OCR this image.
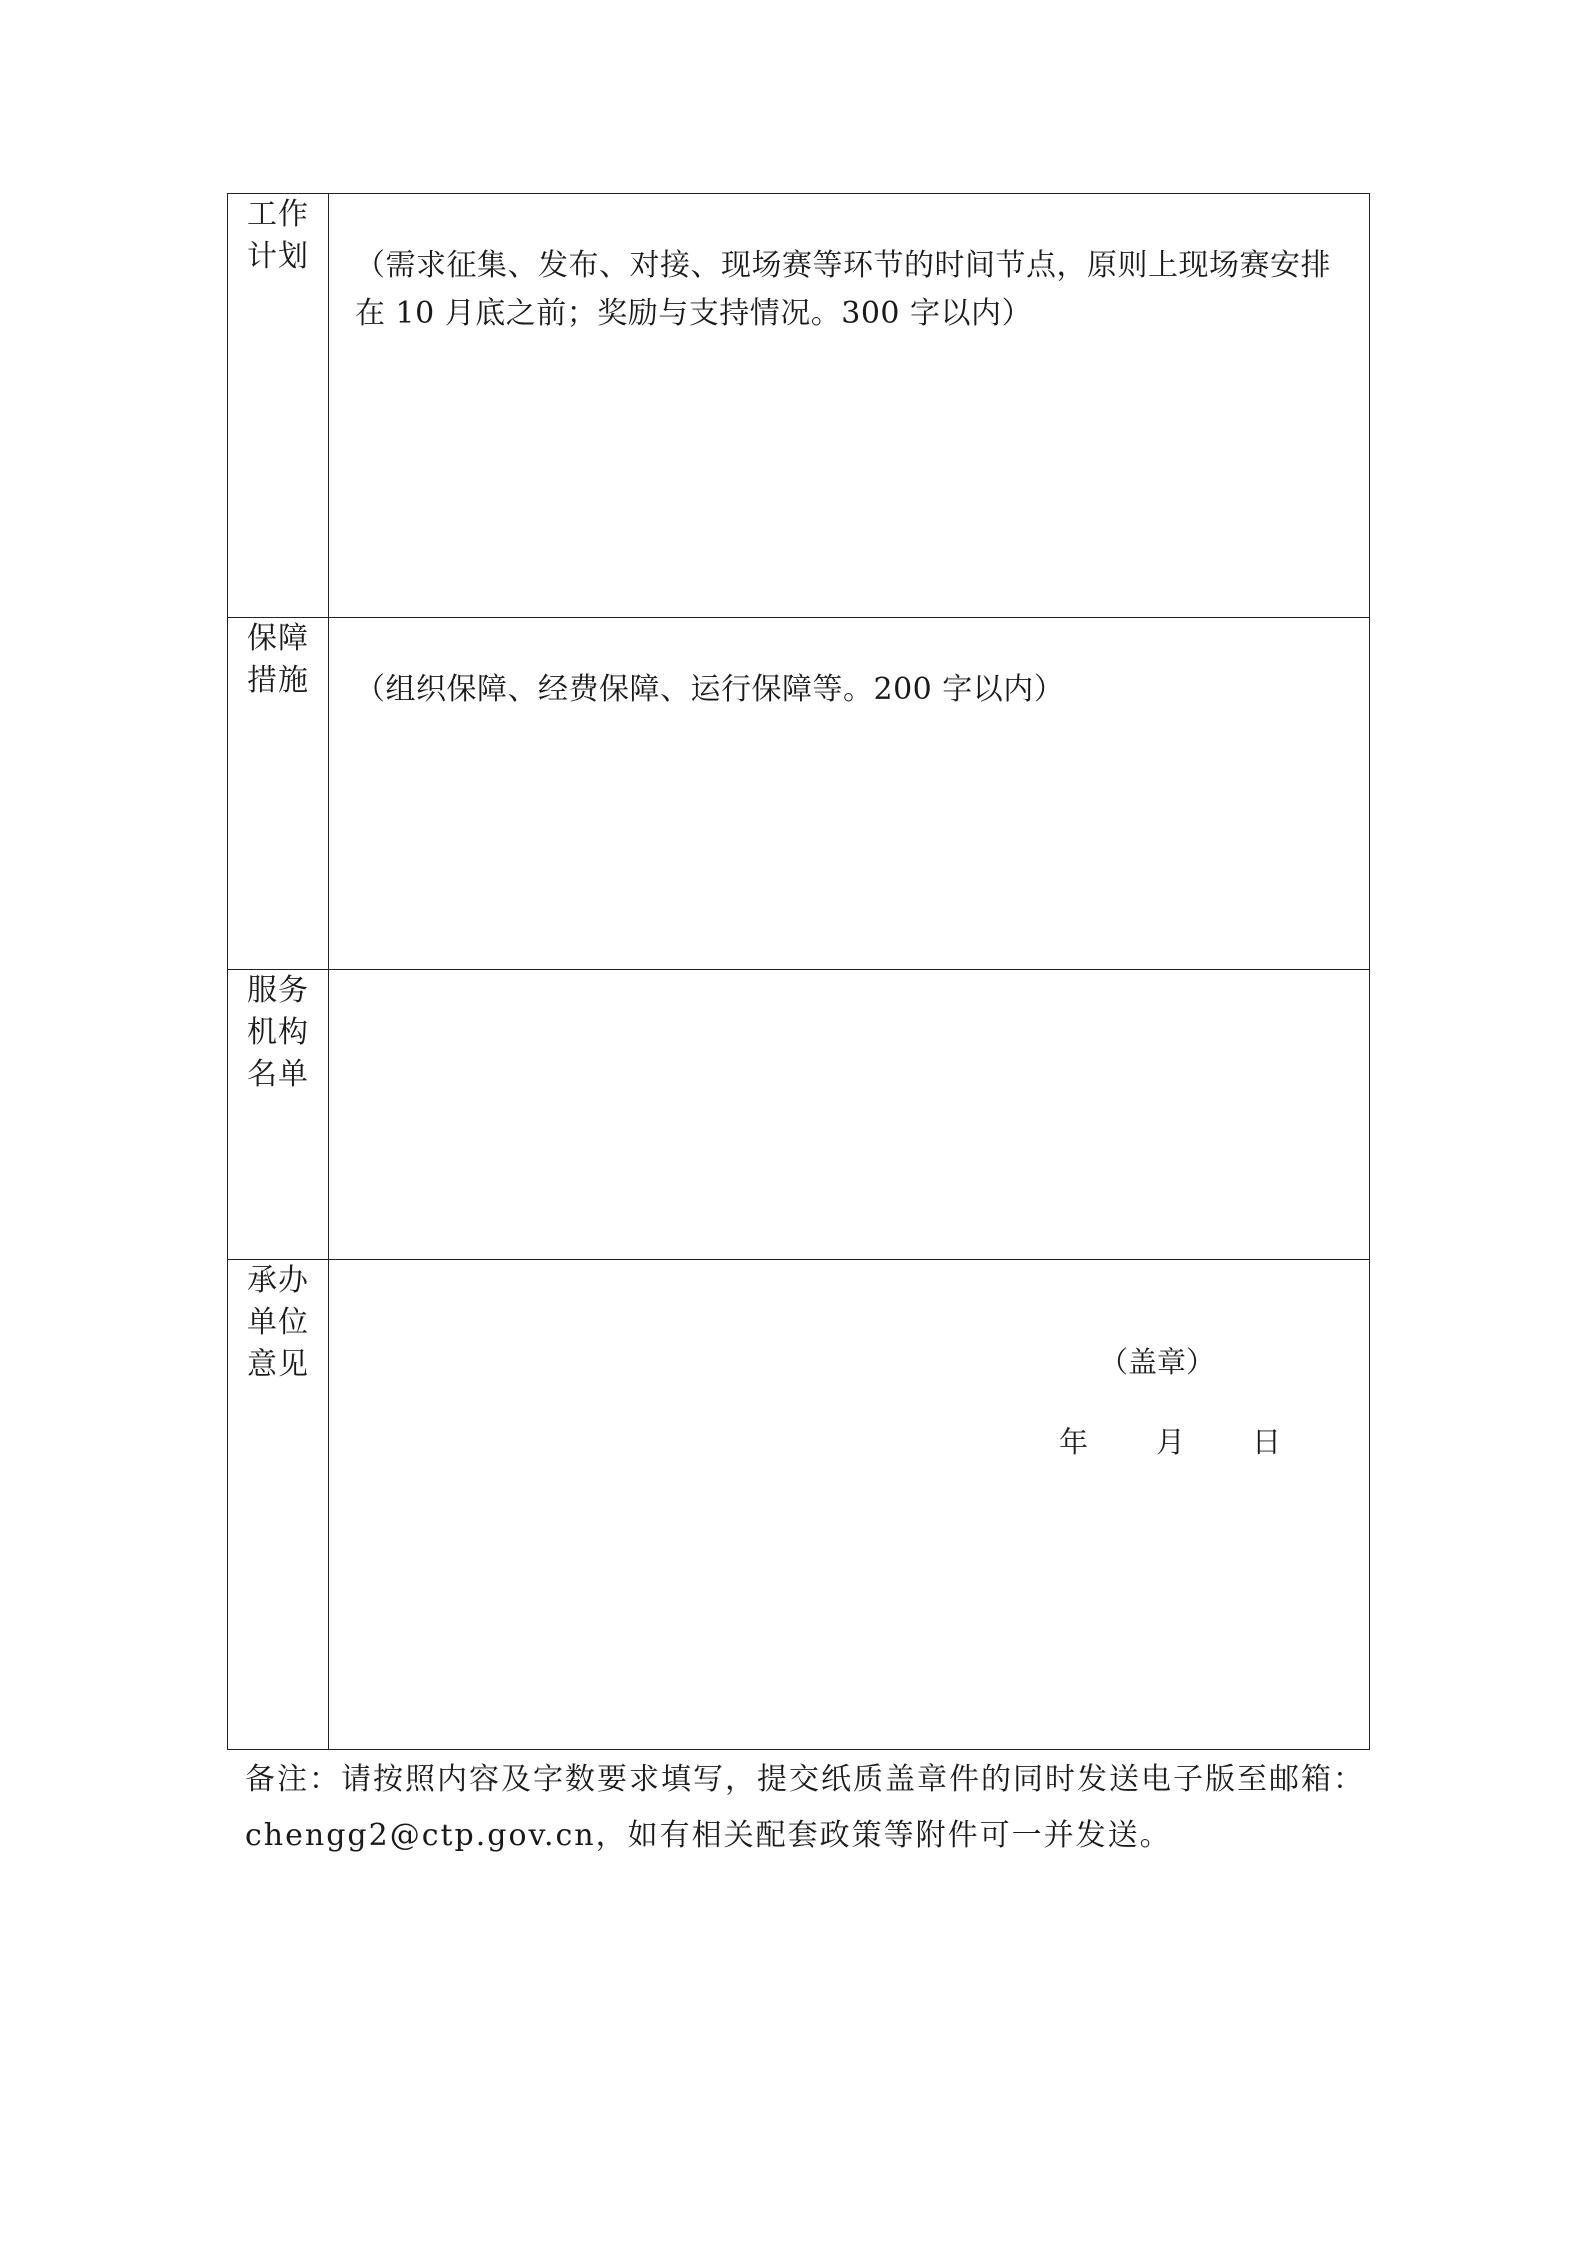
工作计划	（需求征集、发布、对接、现场赛等环节的时间节点，原则上现场赛安排在 10 月底之前；奖励与支持情况。300 字以内）

保障措施	（组织保障、经费保障、运行保障等。200 字以内）

服务机构名单	
承办单位意见	（盖章）
年 月 日

备注：请按照内容及字数要求填写，提交纸质盖章件的同时发送电子版至邮箱：

chengg2@ctp.gov.cn，如有相关配套政策等附件可一并发送。
